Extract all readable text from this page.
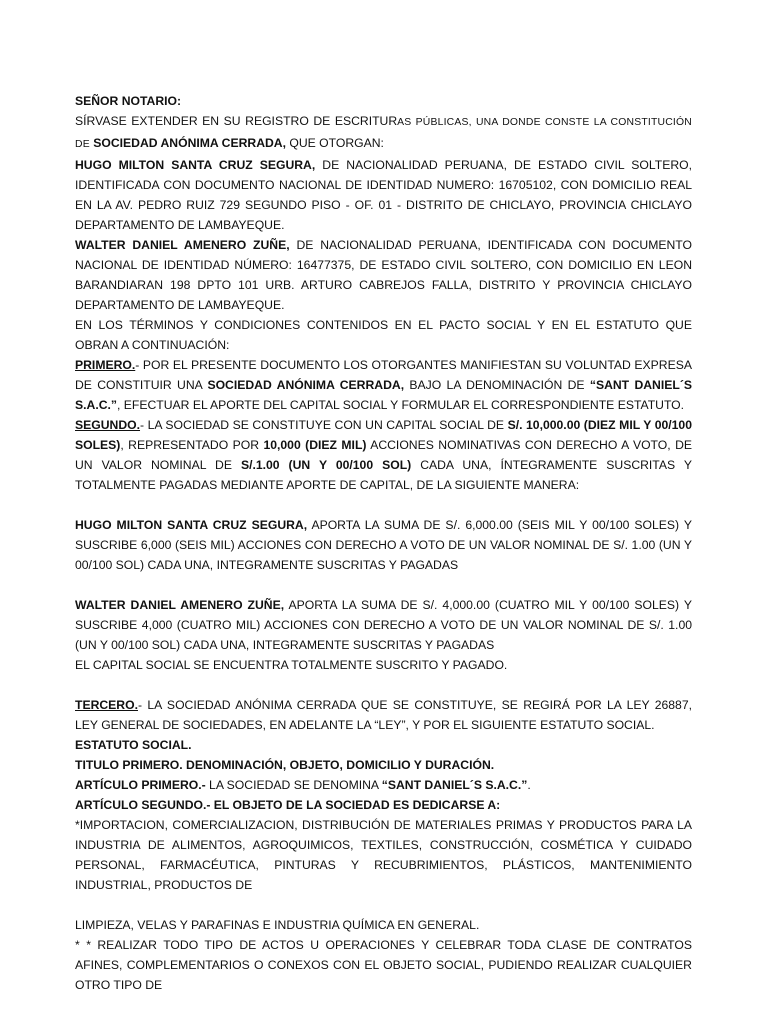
SEÑOR NOTARIO:

SÍRVASE EXTENDER EN SU REGISTRO DE ESCRITURAS PÚBLICAS, UNA DONDE CONSTE LA CONSTITUCIÓN DE SOCIEDAD ANÓNIMA CERRADA, QUE OTORGAN:

HUGO MILTON SANTA CRUZ SEGURA, DE NACIONALIDAD PERUANA, DE ESTADO CIVIL SOLTERO, IDENTIFICADA CON DOCUMENTO NACIONAL DE IDENTIDAD NUMERO: 16705102, CON DOMICILIO REAL EN LA AV. PEDRO RUIZ 729 SEGUNDO PISO - OF. 01 - DISTRITO DE CHICLAYO, PROVINCIA CHICLAYO DEPARTAMENTO DE LAMBAYEQUE.

WALTER DANIEL AMENERO ZUÑE, DE NACIONALIDAD PERUANA, IDENTIFICADA CON DOCUMENTO NACIONAL DE IDENTIDAD NÚMERO: 16477375, DE ESTADO CIVIL SOLTERO, CON DOMICILIO EN LEON BARANDIARAN 198 DPTO 101 URB. ARTURO CABREJOS FALLA, DISTRITO Y PROVINCIA CHICLAYO DEPARTAMENTO DE LAMBAYEQUE.

EN LOS TÉRMINOS Y CONDICIONES CONTENIDOS EN EL PACTO SOCIAL Y EN EL ESTATUTO QUE OBRAN A CONTINUACIÓN:

PRIMERO.- POR EL PRESENTE DOCUMENTO LOS OTORGANTES MANIFIESTAN SU VOLUNTAD EXPRESA DE CONSTITUIR UNA SOCIEDAD ANÓNIMA CERRADA, BAJO LA DENOMINACIÓN DE “SANT DANIEL´S S.A.C.”, EFECTUAR EL APORTE DEL CAPITAL SOCIAL Y FORMULAR EL CORRESPONDIENTE ESTATUTO.

SEGUNDO.- LA SOCIEDAD SE CONSTITUYE CON UN CAPITAL SOCIAL DE S/. 10,000.00 (DIEZ MIL Y 00/100 SOLES), REPRESENTADO POR 10,000 (DIEZ MIL) ACCIONES NOMINATIVAS CON DERECHO A VOTO, DE UN VALOR NOMINAL DE S/.1.00 (UN Y 00/100 SOL) CADA UNA, ÍNTEGRAMENTE SUSCRITAS Y TOTALMENTE PAGADAS MEDIANTE APORTE DE CAPITAL, DE LA SIGUIENTE MANERA:

HUGO MILTON SANTA CRUZ SEGURA, APORTA LA SUMA DE S/. 6,000.00 (SEIS MIL Y 00/100 SOLES) Y SUSCRIBE 6,000 (SEIS MIL) ACCIONES CON DERECHO A VOTO DE UN VALOR NOMINAL DE S/. 1.00 (UN Y 00/100 SOL) CADA UNA, INTEGRAMENTE SUSCRITAS Y PAGADAS

WALTER DANIEL AMENERO ZUÑE, APORTA LA SUMA DE S/. 4,000.00 (CUATRO MIL Y 00/100 SOLES) Y SUSCRIBE 4,000 (CUATRO MIL) ACCIONES CON DERECHO A VOTO DE UN VALOR NOMINAL DE S/. 1.00 (UN Y 00/100 SOL) CADA UNA, INTEGRAMENTE SUSCRITAS Y PAGADAS

EL CAPITAL SOCIAL SE ENCUENTRA TOTALMENTE SUSCRITO Y PAGADO.

TERCERO.- LA SOCIEDAD ANÓNIMA CERRADA QUE SE CONSTITUYE, SE REGIRÁ POR LA LEY 26887, LEY GENERAL DE SOCIEDADES, EN ADELANTE LA “LEY”, Y POR EL SIGUIENTE ESTATUTO SOCIAL.

ESTATUTO SOCIAL.

TITULO PRIMERO. DENOMINACIÓN, OBJETO, DOMICILIO Y DURACIÓN.

ARTÍCULO PRIMERO.- LA SOCIEDAD SE DENOMINA “SANT DANIEL´S S.A.C.”.

ARTÍCULO SEGUNDO.- EL OBJETO DE LA SOCIEDAD ES DEDICARSE A:

*IMPORTACION, COMERCIALIZACION, DISTRIBUCIÓN DE MATERIALES PRIMAS Y PRODUCTOS PARA LA INDUSTRIA DE ALIMENTOS, AGROQUIMICOS, TEXTILES, CONSTRUCCIÓN, COSMÉTICA Y CUIDADO PERSONAL, FARMACÉUTICA, PINTURAS Y RECUBRIMIENTOS, PLÁSTICOS, MANTENIMIENTO INDUSTRIAL, PRODUCTOS DE

LIMPIEZA, VELAS Y PARAFINAS E INDUSTRIA QUÍMICA EN GENERAL.

* * REALIZAR TODO TIPO DE ACTOS U OPERACIONES Y CELEBRAR TODA CLASE DE CONTRATOS AFINES, COMPLEMENTARIOS O CONEXOS CON EL OBJETO SOCIAL, PUDIENDO REALIZAR CUALQUIER OTRO TIPO DE
